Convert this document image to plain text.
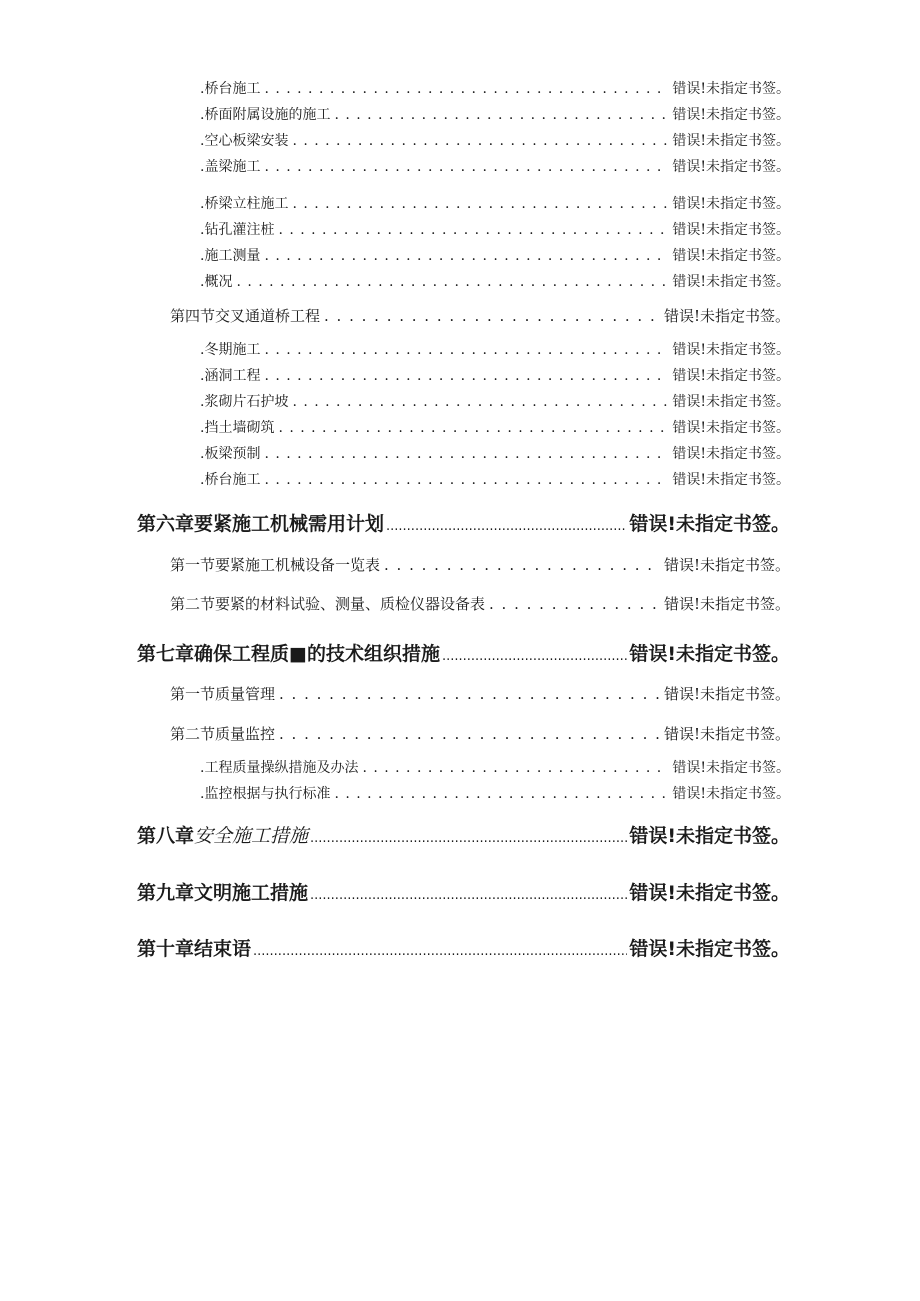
.桥台施工 . . .	错误!未指定书签。
.桥面附属设施的施工 . . .	错误!未指定书签。
.空心板梁安装 . . .	错误!未指定书签。
.盖梁施工 . . .	错误!未指定书签。
.桥梁立柱施工 . . .	错误!未指定书签。
.钻孔灌注桩 . . .	错误!未指定书签。
.施工测量 . . .	错误!未指定书签。
.概况 . . .	错误!未指定书签。
第四节交叉通道桥工程 . . .	错误!未指定书签。
.冬期施工 . . .	错误!未指定书签。
.涵洞工程 . . .	错误!未指定书签。
.浆砌片石护坡 . . .	错误!未指定书签。
.挡土墙砌筑 . . .	错误!未指定书签。
.板梁预制 . . .	错误!未指定书签。
.桥台施工 . . .	错误!未指定书签。
第六章要紧施工机械需用计划 .....	错误!未指定书签。
第一节要紧施工机械设备一览表 . . .	错误!未指定书签。
第二节要紧的材料试验、测量、质检仪器设备表 . . .	错误!未指定书签。
第七章确保工程质■的技术组织措施 .....	错误!未指定书签。
第一节质量管理 . . .	错误!未指定书签。
第二节质量监控 . . .	错误!未指定书签。
.工程质量操纵措施及办法 . . .	错误!未指定书签。
.监控根据与执行标准 . . .	错误!未指定书签。
第八章安全施工措施 .....	错误!未指定书签。
第九章文明施工措施 .....	错误!未指定书签。
第十章结束语 .....	错误!未指定书签。
